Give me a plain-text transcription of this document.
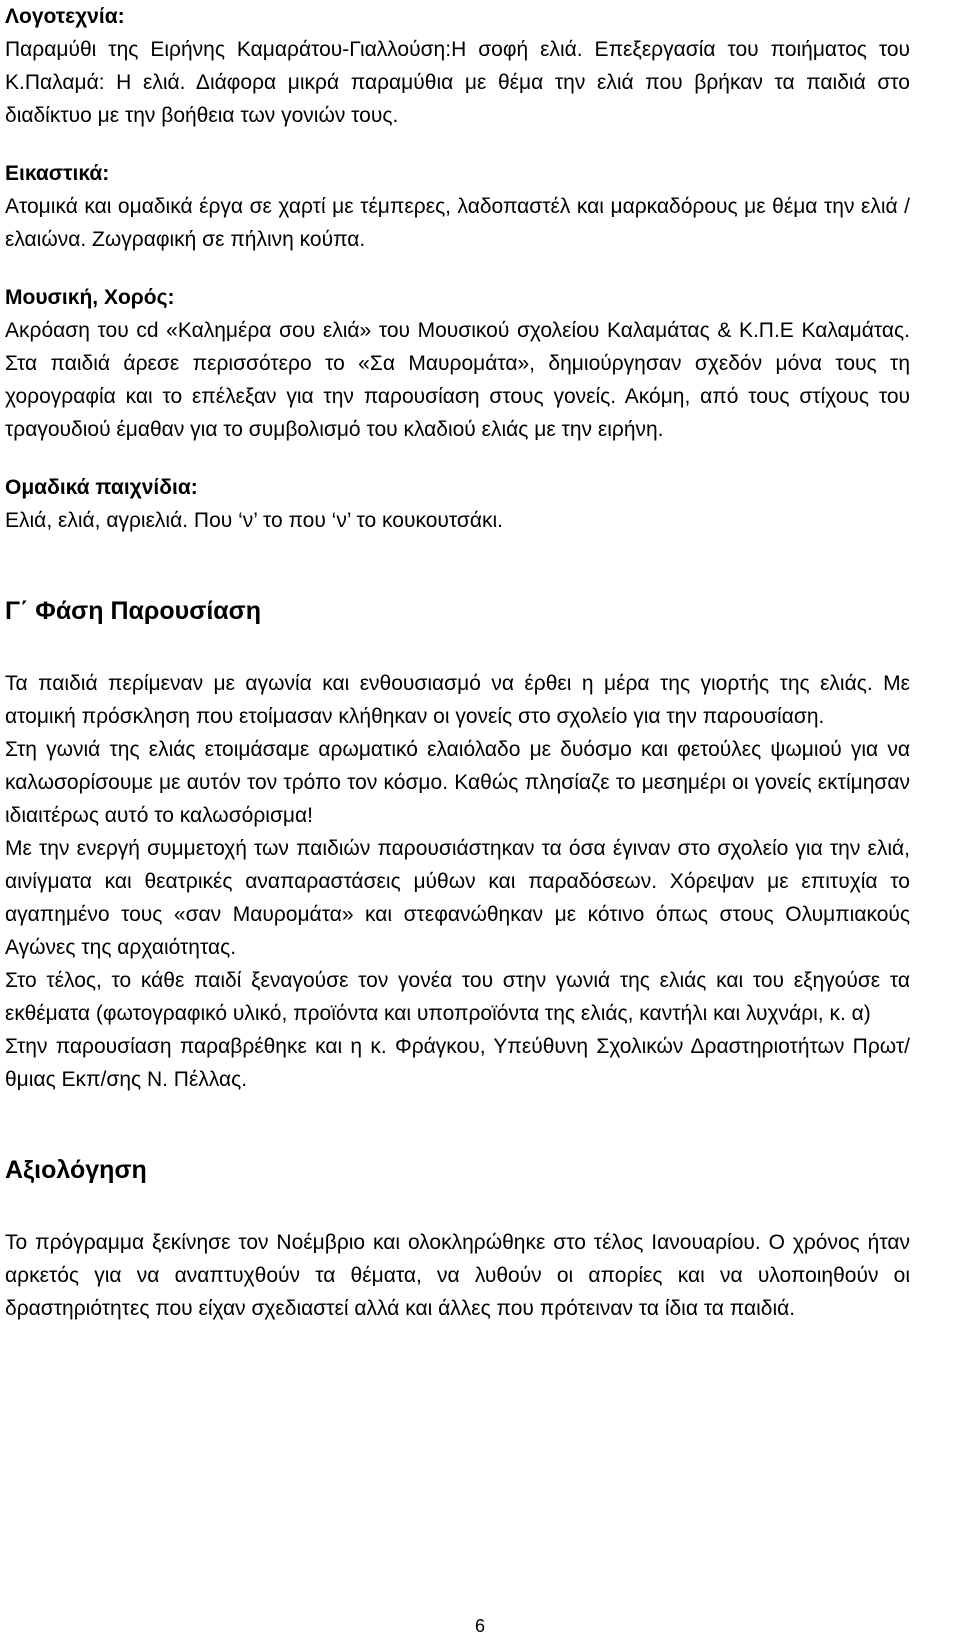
Λογοτεχνία:

Παραμύθι της Ειρήνης Καμαράτου-Γιαλλούση:Η σοφή ελιά. Επεξεργασία του ποιήματος του Κ.Παλαμά: Η ελιά. Διάφορα μικρά παραμύθια με θέμα την ελιά που βρήκαν τα παιδιά στο διαδίκτυο με την βοήθεια των γονιών τους.

Εικαστικά:

Ατομικά και ομαδικά έργα σε χαρτί με τέμπερες, λαδοπαστέλ και μαρκαδόρους με θέμα την ελιά / ελαιώνα. Ζωγραφική σε πήλινη κούπα.

Μουσική, Χορός:

Ακρόαση του cd «Καλημέρα σου ελιά» του Μουσικού σχολείου Καλαμάτας & Κ.Π.Ε Καλαμάτας. Στα παιδιά άρεσε περισσότερο το «Σα Μαυρομάτα», δημιούργησαν σχεδόν μόνα τους τη χορογραφία και το επέλεξαν για την παρουσίαση στους γονείς. Ακόμη, από τους στίχους του τραγουδιού έμαθαν για το συμβολισμό του κλαδιού ελιάς με την ειρήνη.

Ομαδικά παιχνίδια:

Ελιά, ελιά, αγριελιά. Που ‘ν’ το που ‘ν’ το κουκουτσάκι.

Γ΄ Φάση Παρουσίαση

Τα παιδιά περίμεναν με αγωνία και ενθουσιασμό να έρθει η μέρα της γιορτής της ελιάς. Με ατομική πρόσκληση που ετοίμασαν κλήθηκαν οι γονείς στο σχολείο για την παρουσίαση.

Στη γωνιά της ελιάς ετοιμάσαμε αρωματικό ελαιόλαδο με δυόσμο και φετούλες ψωμιού για να καλωσορίσουμε με αυτόν τον τρόπο τον κόσμο. Καθώς πλησίαζε το μεσημέρι οι γονείς εκτίμησαν ιδιαιτέρως αυτό το καλωσόρισμα!

Με την ενεργή συμμετοχή των παιδιών παρουσιάστηκαν τα όσα έγιναν στο σχολείο για την ελιά, αινίγματα και θεατρικές αναπαραστάσεις μύθων και παραδόσεων. Χόρεψαν με επιτυχία το αγαπημένο τους «σαν Μαυρομάτα» και στεφανώθηκαν με κότινο όπως στους Ολυμπιακούς Αγώνες της αρχαιότητας.

Στο τέλος, το κάθε παιδί ξεναγούσε τον γονέα του στην γωνιά της ελιάς και του εξηγούσε τα εκθέματα (φωτογραφικό υλικό, προϊόντα και υποπροϊόντα της ελιάς, καντήλι και λυχνάρι, κ. α)

Στην παρουσίαση παραβρέθηκε και η κ. Φράγκου, Υπεύθυνη Σχολικών Δραστηριοτήτων Πρωτ/θμιας Εκπ/σης Ν. Πέλλας.

Αξιολόγηση

Το πρόγραμμα ξεκίνησε τον Νοέμβριο και ολοκληρώθηκε στο τέλος Ιανουαρίου. Ο χρόνος ήταν αρκετός για να αναπτυχθούν τα θέματα, να λυθούν οι απορίες και να υλοποιηθούν οι δραστηριότητες που είχαν σχεδιαστεί αλλά και άλλες που πρότειναν τα ίδια τα παιδιά.

6
